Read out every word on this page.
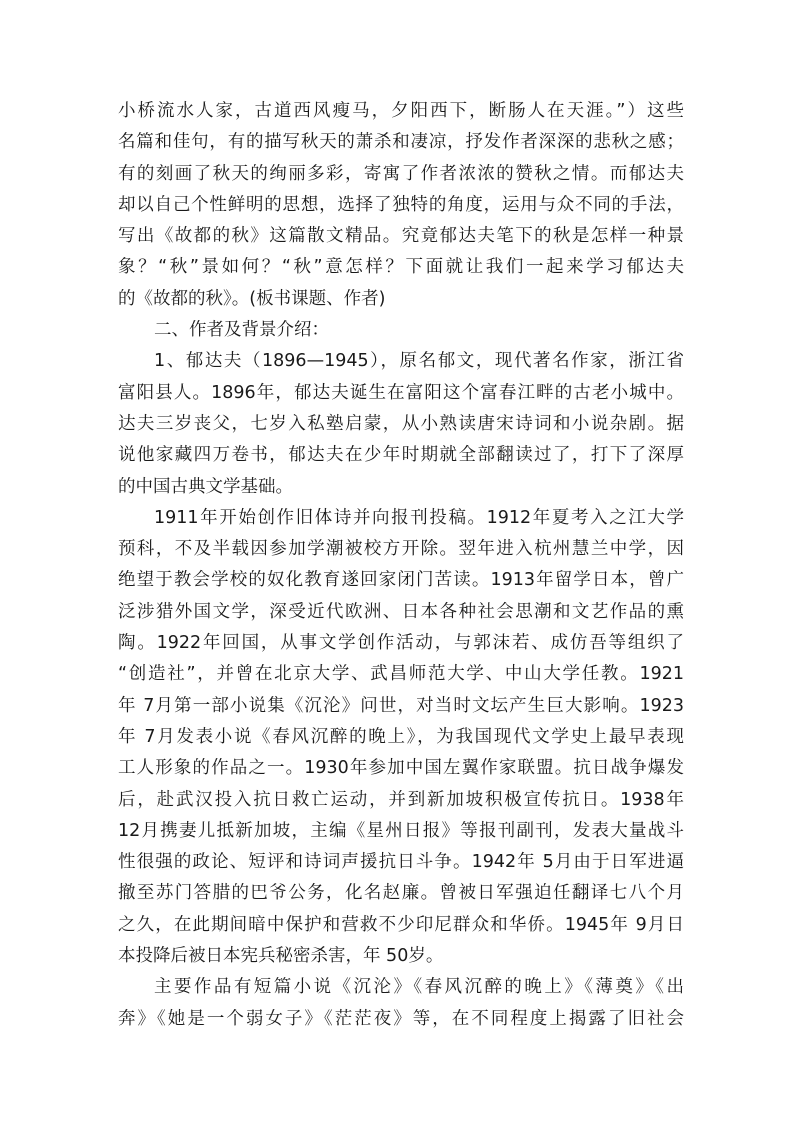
小桥流水人家，古道西风瘦马，夕阳西下，断肠人在天涯。”）这些
名篇和佳句，有的描写秋天的萧杀和凄凉，抒发作者深深的悲秋之感；
有的刻画了秋天的绚丽多彩，寄寓了作者浓浓的赞秋之情。而郁达夫
却以自己个性鲜明的思想，选择了独特的角度，运用与众不同的手法，
写出《故都的秋》这篇散文精品。究竟郁达夫笔下的秋是怎样一种景
象？“秋”景如何？“秋”意怎样？下面就让我们一起来学习郁达夫
的《故都的秋》。(板书课题、作者)
二、作者及背景介绍：
1、郁达夫（1896—1945），原名郁文，现代著名作家，浙江省
富阳县人。1896年，郁达夫诞生在富阳这个富春江畔的古老小城中。
达夫三岁丧父，七岁入私塾启蒙，从小熟读唐宋诗词和小说杂剧。据
说他家藏四万卷书，郁达夫在少年时期就全部翻读过了，打下了深厚
的中国古典文学基础。
1911年开始创作旧体诗并向报刊投稿。1912年夏考入之江大学
预科，不及半载因参加学潮被校方开除。翌年进入杭州慧兰中学，因
绝望于教会学校的奴化教育遂回家闭门苦读。1913年留学日本，曾广
泛涉猎外国文学，深受近代欧洲、日本各种社会思潮和文艺作品的熏
陶。1922年回国，从事文学创作活动，与郭沫若、成仿吾等组织了
“创造社”，并曾在北京大学、武昌师范大学、中山大学任教。1921
年 7月第一部小说集《沉沦》问世，对当时文坛产生巨大影响。1923
年 7月发表小说《春风沉醉的晚上》，为我国现代文学史上最早表现
工人形象的作品之一。1930年参加中国左翼作家联盟。抗日战争爆发
后，赴武汉投入抗日救亡运动，并到新加坡积极宣传抗日。1938年
12月携妻儿抵新加坡，主编《星州日报》等报刊副刊，发表大量战斗
性很强的政论、短评和诗词声援抗日斗争。1942年 5月由于日军进逼
撤至苏门答腊的巴爷公务，化名赵廉。曾被日军强迫任翻译七八个月
之久，在此期间暗中保护和营救不少印尼群众和华侨。1945年 9月日
本投降后被日本宪兵秘密杀害，年 50岁。
主要作品有短篇小说《沉沦》《春风沉醉的晚上》《薄奠》《出
奔》《她是一个弱女子》《茫茫夜》等，在不同程度上揭露了旧社会
